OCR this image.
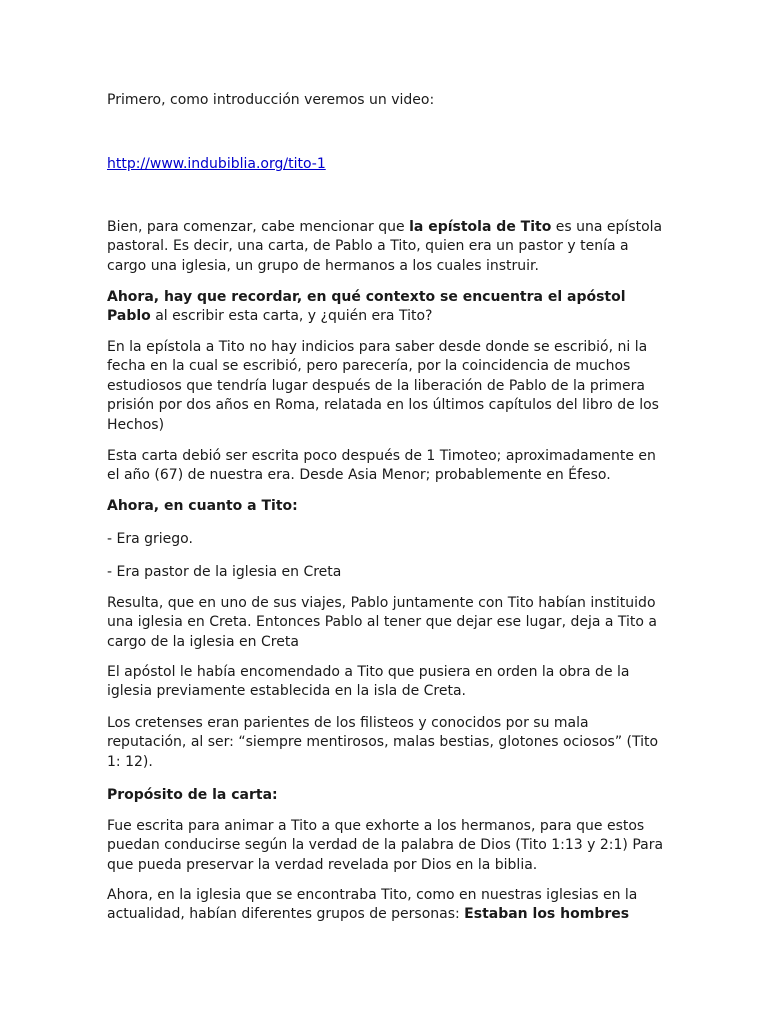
Primero, como introducción veremos un video:

http://www.indubiblia.org/tito-1

Bien, para comenzar, cabe mencionar que la epístola de Tito es una epístola pastoral. Es decir, una carta, de Pablo a Tito, quien era un pastor y tenía a cargo una iglesia, un grupo de hermanos a los cuales instruir.

Ahora, hay que recordar, en qué contexto se encuentra el apóstol Pablo al escribir esta carta, y ¿quién era Tito?

En la epístola a Tito no hay indicios para saber desde donde se escribió, ni la fecha en la cual se escribió, pero parecería, por la coincidencia de muchos estudiosos que tendría lugar después de la liberación de Pablo de la primera prisión por dos años en Roma, relatada en los últimos capítulos del libro de los Hechos)

Esta carta debió ser escrita poco después de 1 Timoteo; aproximadamente en el año (67) de nuestra era. Desde Asia Menor; probablemente en Éfeso.

Ahora, en cuanto a Tito:

- Era griego.

- Era pastor de la iglesia en Creta

Resulta, que en uno de sus viajes, Pablo juntamente con Tito habían instituido una iglesia en Creta. Entonces Pablo al tener que dejar ese lugar, deja a Tito a cargo de la iglesia en Creta

El apóstol le había encomendado a Tito que pusiera en orden la obra de la iglesia previamente establecida en la isla de Creta.

Los cretenses eran parientes de los filisteos y conocidos por su mala reputación, al ser: “siempre mentirosos, malas bestias, glotones ociosos” (Tito 1: 12).

Propósito de la carta:

Fue escrita para animar a Tito a que exhorte a los hermanos, para que estos puedan conducirse según la verdad de la palabra de Dios (Tito 1:13 y 2:1) Para que pueda preservar la verdad revelada por Dios en la biblia.

Ahora, en la iglesia que se encontraba Tito, como en nuestras iglesias en la actualidad, habían diferentes grupos de personas: Estaban los hombres
